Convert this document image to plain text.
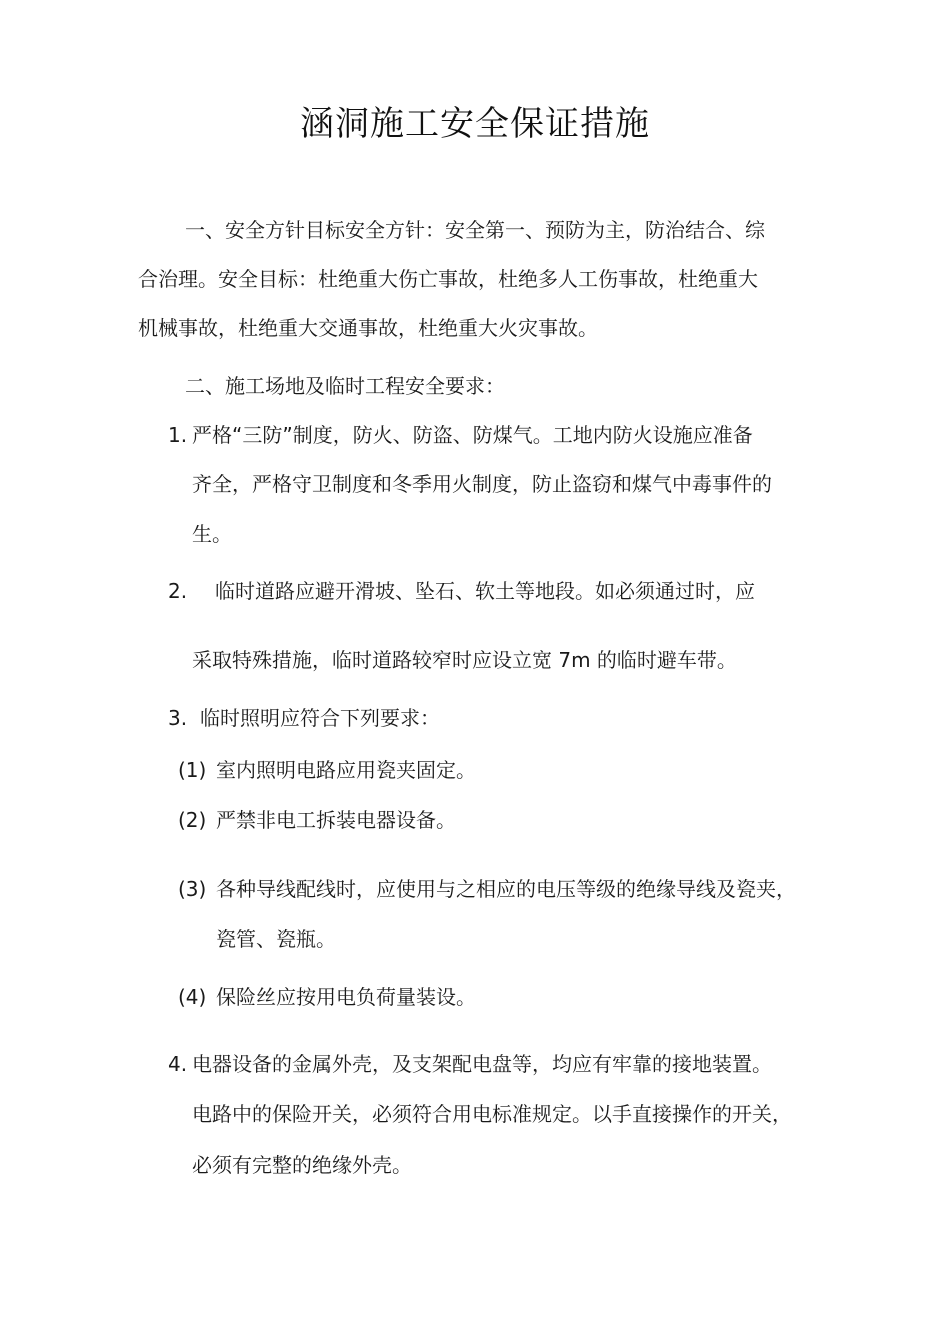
涵洞施工安全保证措施
一、安全方针目标安全方针：安全第一、预防为主，防治结合、综
合治理。安全目标：杜绝重大伤亡事故，杜绝多人工伤事故，杜绝重大
机械事故，杜绝重大交通事故，杜绝重大火灾事故。
二、施工场地及临时工程安全要求：
1. 严格“三防”制度，防火、防盗、防煤气。工地内防火设施应准备
齐全，严格守卫制度和冬季用火制度，防止盗窃和煤气中毒事件的
生。
2. 临时道路应避开滑坡、坠石、软土等地段。如必须通过时，应
采取特殊措施，临时道路较窄时应设立宽 7m 的临时避车带。
3. 临时照明应符合下列要求：
(1) 室内照明电路应用瓷夹固定。
(2) 严禁非电工拆装电器设备。
(3) 各种导线配线时，应使用与之相应的电压等级的绝缘导线及瓷夹，
瓷管、瓷瓶。
(4) 保险丝应按用电负荷量装设。
4. 电器设备的金属外壳，及支架配电盘等，均应有牢靠的接地装置。
电路中的保险开关，必须符合用电标准规定。以手直接操作的开关，
必须有完整的绝缘外壳。
